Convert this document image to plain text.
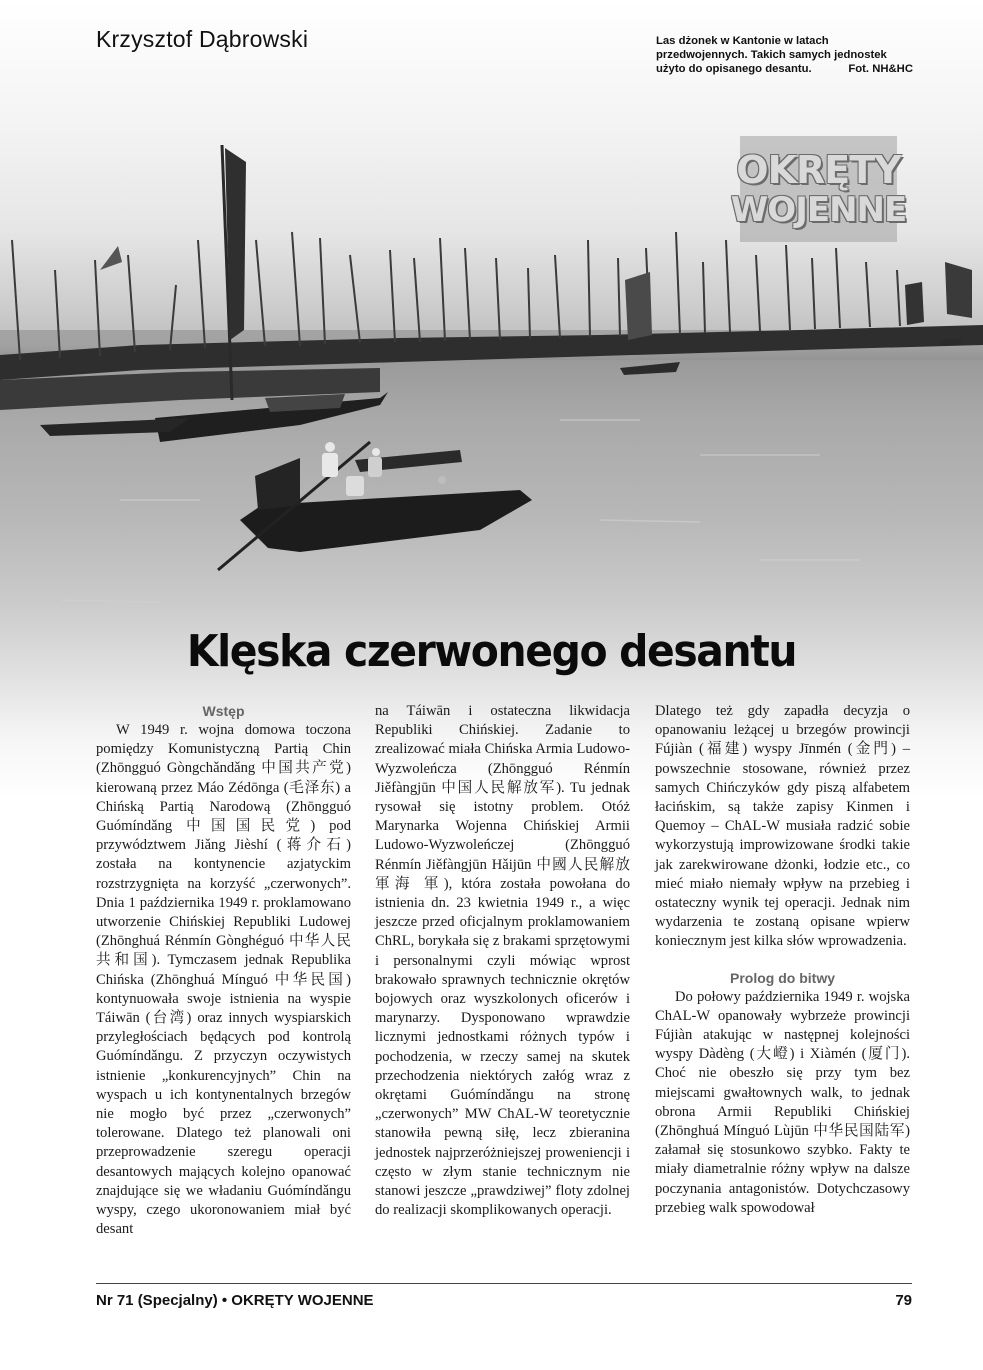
Krzysztof Dąbrowski	Las dżonek w Kantonie w latach przedwojennych. Takich samych jednostek użyto do opisanego desantu.	Fot. NH&HC
OKRĘTY
WOJENNE
Klęska czerwonego desantu
Wstęp

W 1949 r. wojna domowa toczona pomiędzy Komunistyczną Partią Chin (Zhōngguó Gòngchǎndǎng 中国共产党) kierowaną przez Máo Zédōnga (毛泽东) a Chińską Partią Narodową (Zhōngguó Guómíndǎng 中国国民党) pod przywództwem Jiǎng Jièshí (蒋介石) została na kontynencie azjatyckim rozstrzygnięta na korzyść „czerwonych”. Dnia 1 października 1949 r. proklamowano utworzenie Chińskiej Republiki Ludowej (Zhōnghuá Rénmín Gònghéguó 中华人民共和国). Tymczasem jednak Republika Chińska (Zhōnghuá Mínguó 中华民国) kontynuowała swoje istnienia na wyspie Táiwān (台湾) oraz innych wyspiarskich przyległościach będących pod kontrolą Guómíndǎngu. Z przyczyn oczywistych istnienie „konkurencyjnych” Chin na wyspach u ich kontynentalnych brzegów nie mogło być przez „czerwonych” tolerowane. Dlatego też planowali oni przeprowadzenie szeregu operacji desantowych mających kolejno opanować znajdujące się we władaniu Guómíndǎngu wyspy, czego ukoronowaniem miał być desant

na Táiwān i ostateczna likwidacja Republiki Chińskiej. Zadanie to zrealizować miała Chińska Armia Ludowo-Wyzwoleńcza (Zhōngguó Rénmín Jiěfàngjūn 中国人民解放军). Tu jednak rysował się istotny problem. Otóż Marynarka Wojenna Chińskiej Armii Ludowo-Wyzwoleńczej (Zhōngguó Rénmín Jiěfàngjūn Hǎijūn 中國人民解放軍海 軍), która została powołana do istnienia dn. 23 kwietnia 1949 r., a więc jeszcze przed oficjalnym proklamowaniem ChRL, borykała się z brakami sprzętowymi i personalnymi czyli mówiąc wprost brakowało sprawnych technicznie okrętów bojowych oraz wyszkolonych oficerów i marynarzy. Dysponowano wprawdzie licznymi jednostkami różnych typów i pochodzenia, w rzeczy samej na skutek przechodzenia niektórych załóg wraz z okrętami Guómíndǎngu na stronę „czerwonych” MW ChAL-W teoretycznie stanowiła pewną siłę, lecz zbieranina jednostek najprzeróżniejszej proweniencji i często w złym stanie technicznym nie stanowi jeszcze „prawdziwej” floty zdolnej do realizacji skomplikowanych operacji.

Dlatego też gdy zapadła decyzja o opanowaniu leżącej u brzegów prowincji Fújiàn (福建) wyspy Jīnmén (金門) – powszechnie stosowane, również przez samych Chińczyków gdy piszą alfabetem łacińskim, są także zapisy Kinmen i Quemoy – ChAL-W musiała radzić sobie wykorzystują improwizowane środki takie jak zarekwirowane dżonki, łodzie etc., co mieć miało niemały wpływ na przebieg i ostateczny wynik tej operacji. Jednak nim wydarzenia te zostaną opisane wpierw koniecznym jest kilka słów wprowadzenia.

Prolog do bitwy

Do połowy października 1949 r. wojska ChAL-W opanowały wybrzeże prowincji Fújiàn atakując w następnej kolejności wyspy Dàdèng (大嶝) i Xiàmén (厦门). Choć nie obeszło się przy tym bez miejscami gwałtownych walk, to jednak obrona Armii Republiki Chińskiej (Zhōnghuá Mínguó Lùjūn 中华民国陆军) załamał się stosunkowo szybko. Fakty te miały diametralnie różny wpływ na dalsze poczynania antagonistów. Dotychczasowy przebieg walk spowodował

Nr 71 (Specjalny) • OKRĘTY WOJENNE	79
